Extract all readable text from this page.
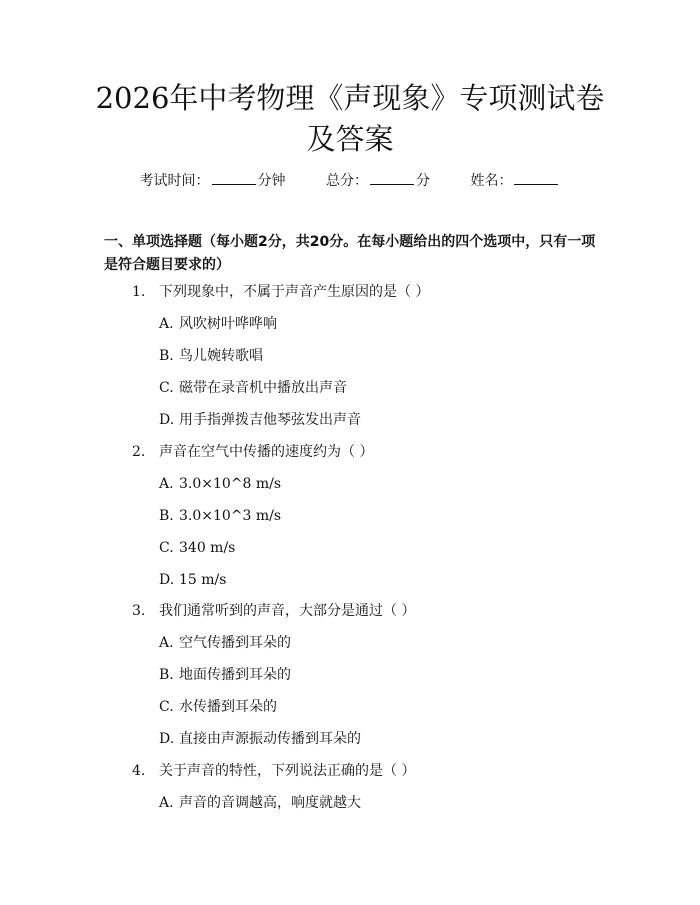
2026年中考物理《声现象》专项测试卷及答案
考试时间：	分钟	总分：	分	姓名：
一、单项选择题（每小题2分，共20分。在每小题给出的四个选项中，只有一项是符合题目要求的）
1. 下列现象中，不属于声音产生原因的是（ ）
A. 风吹树叶哗哗响
B. 鸟儿婉转歌唱
C. 磁带在录音机中播放出声音
D. 用手指弹拨吉他琴弦发出声音
2. 声音在空气中传播的速度约为（ ）
A. 3.0×10^8 m/s
B. 3.0×10^3 m/s
C. 340 m/s
D. 15 m/s
3. 我们通常听到的声音，大部分是通过（ ）
A. 空气传播到耳朵的
B. 地面传播到耳朵的
C. 水传播到耳朵的
D. 直接由声源振动传播到耳朵的
4. 关于声音的特性，下列说法正确的是（ ）
A. 声音的音调越高，响度就越大
